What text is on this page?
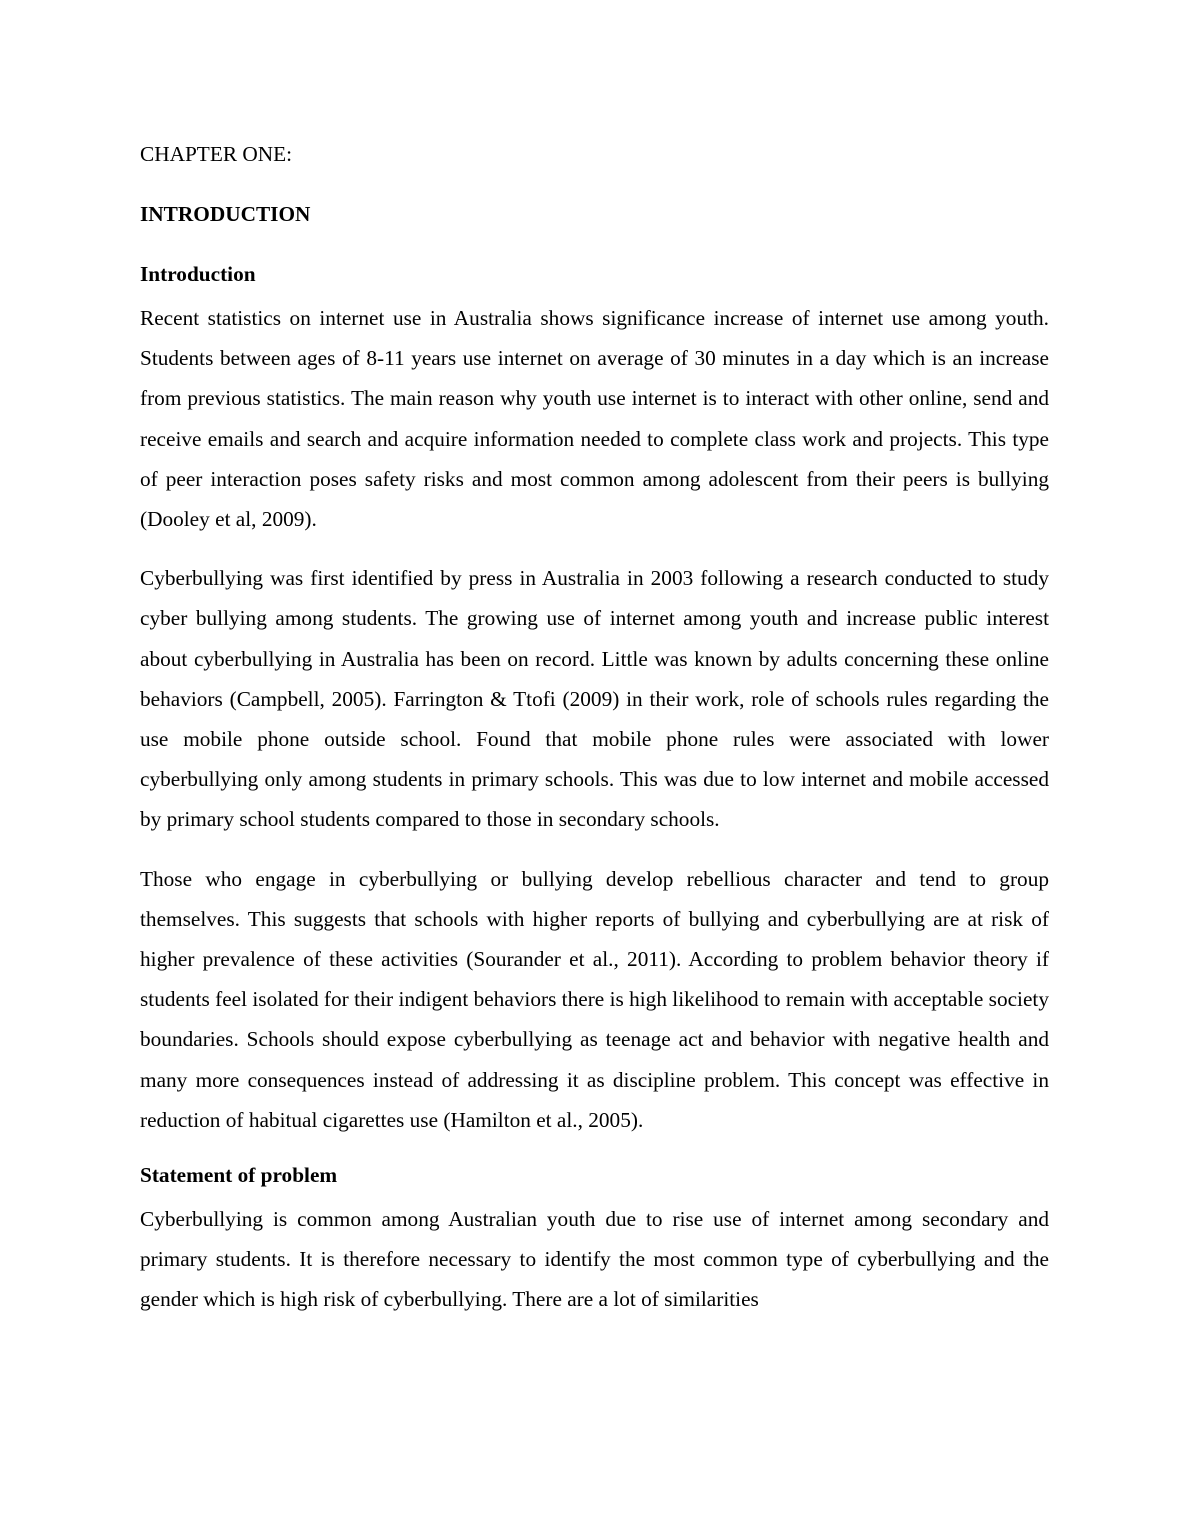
CHAPTER ONE:

INTRODUCTION

Introduction

Recent statistics on internet use in Australia shows significance increase of internet use among youth. Students between ages of 8-11 years use internet on average of 30 minutes in a day which is an increase from previous statistics. The main reason why youth use internet is to interact with other online, send and receive emails and search and acquire information needed to complete class work and projects. This type of peer interaction poses safety risks and most common among adolescent from their peers is bullying (Dooley et al, 2009).

Cyberbullying was first identified by press in Australia in 2003 following a research conducted to study cyber bullying among students. The growing use of internet among youth and increase public interest about cyberbullying in Australia has been on record. Little was known by adults concerning these online behaviors (Campbell, 2005). Farrington & Ttofi (2009) in their work, role of schools rules regarding the use mobile phone outside school. Found that mobile phone rules were associated with lower cyberbullying only among students in primary schools. This was due to low internet and mobile accessed by primary school students compared to those in secondary schools.

Those who engage in cyberbullying or bullying develop rebellious character and tend to group themselves. This suggests that schools with higher reports of bullying and cyberbullying are at risk of higher prevalence of these activities (Sourander et al., 2011). According to problem behavior theory if students feel isolated for their indigent behaviors there is high likelihood to remain with acceptable society boundaries. Schools should expose cyberbullying as teenage act and behavior with negative health and many more consequences instead of addressing it as discipline problem. This concept was effective in reduction of habitual cigarettes use (Hamilton et al., 2005).

Statement of problem

Cyberbullying is common among Australian youth due to rise use of internet among secondary and primary students. It is therefore necessary to identify the most common type of cyberbullying and the gender which is high risk of cyberbullying. There are a lot of similarities
